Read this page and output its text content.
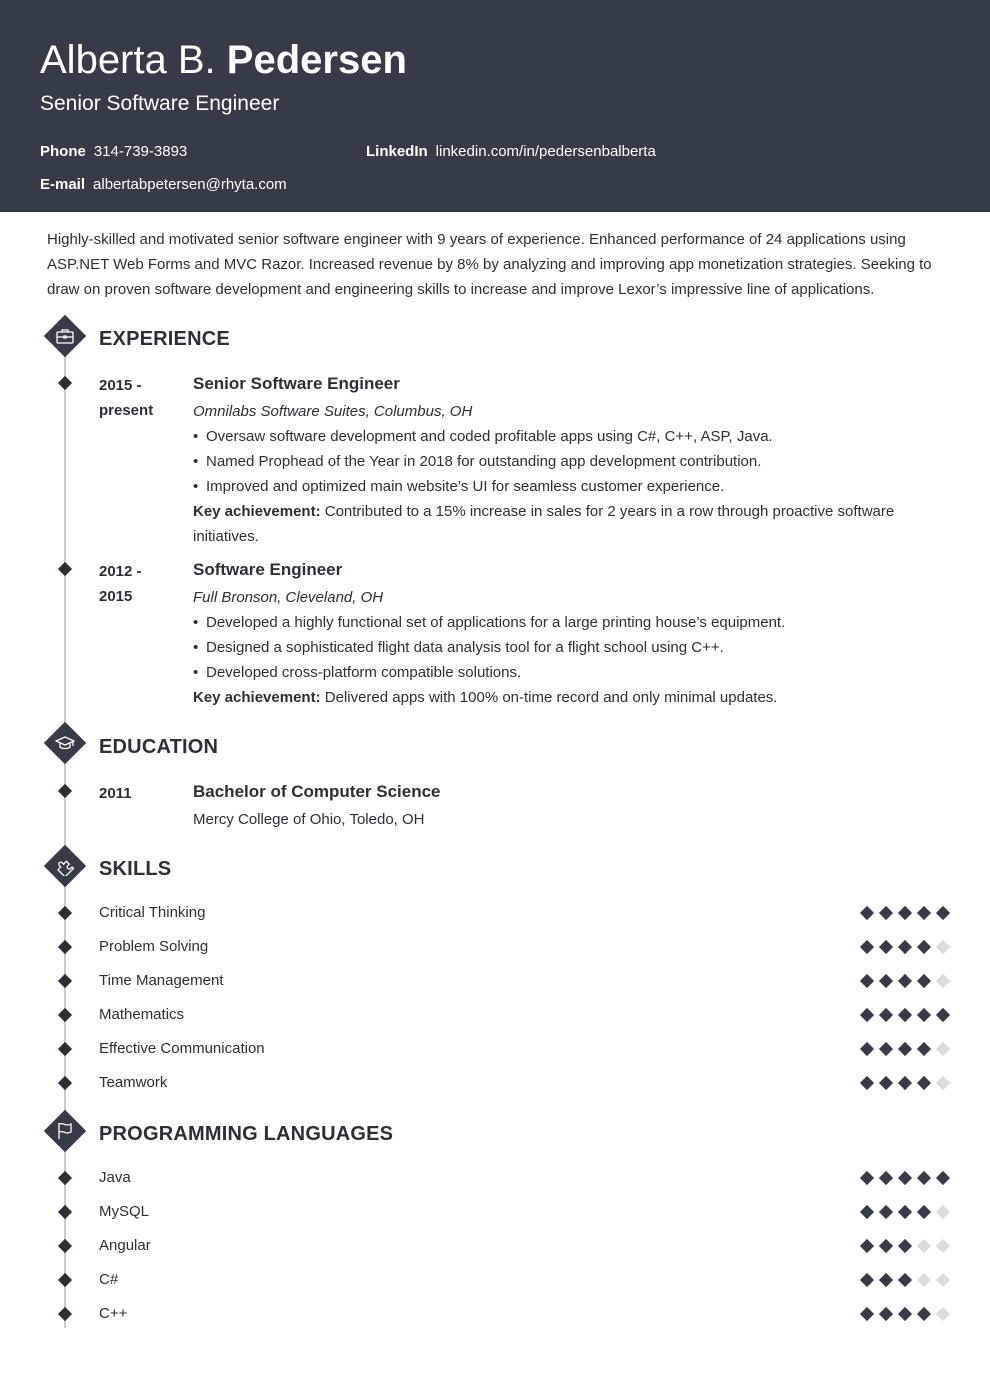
Alberta B. Pedersen
Senior Software Engineer
Phone 314-739-3893	LinkedIn linkedin.com/in/pedersenbalberta
E-mail albertabpetersen@rhyta.com
Highly-skilled and motivated senior software engineer with 9 years of experience. Enhanced performance of 24 applications using ASP.NET Web Forms and MVC Razor. Increased revenue by 8% by analyzing and improving app monetization strategies. Seeking to draw on proven software development and engineering skills to increase and improve Lexor’s impressive line of applications.
EXPERIENCE
2015 -
present
Senior Software Engineer
Omnilabs Software Suites, Columbus, OH
• Oversaw software development and coded profitable apps using C#, C++, ASP, Java.
• Named Prophead of the Year in 2018 for outstanding app development contribution.
• Improved and optimized main website’s UI for seamless customer experience.
Key achievement: Contributed to a 15% increase in sales for 2 years in a row through proactive software initiatives.
2012 -
2015
Software Engineer
Full Bronson, Cleveland, OH
• Developed a highly functional set of applications for a large printing house’s equipment.
• Designed a sophisticated flight data analysis tool for a flight school using C++.
• Developed cross-platform compatible solutions.
Key achievement: Delivered apps with 100% on-time record and only minimal updates.
EDUCATION
2011	Bachelor of Computer Science
Mercy College of Ohio, Toledo, OH
SKILLS
Critical Thinking
Problem Solving
Time Management
Mathematics
Effective Communication
Teamwork
PROGRAMMING LANGUAGES
Java
MySQL
Angular
C#
C++
